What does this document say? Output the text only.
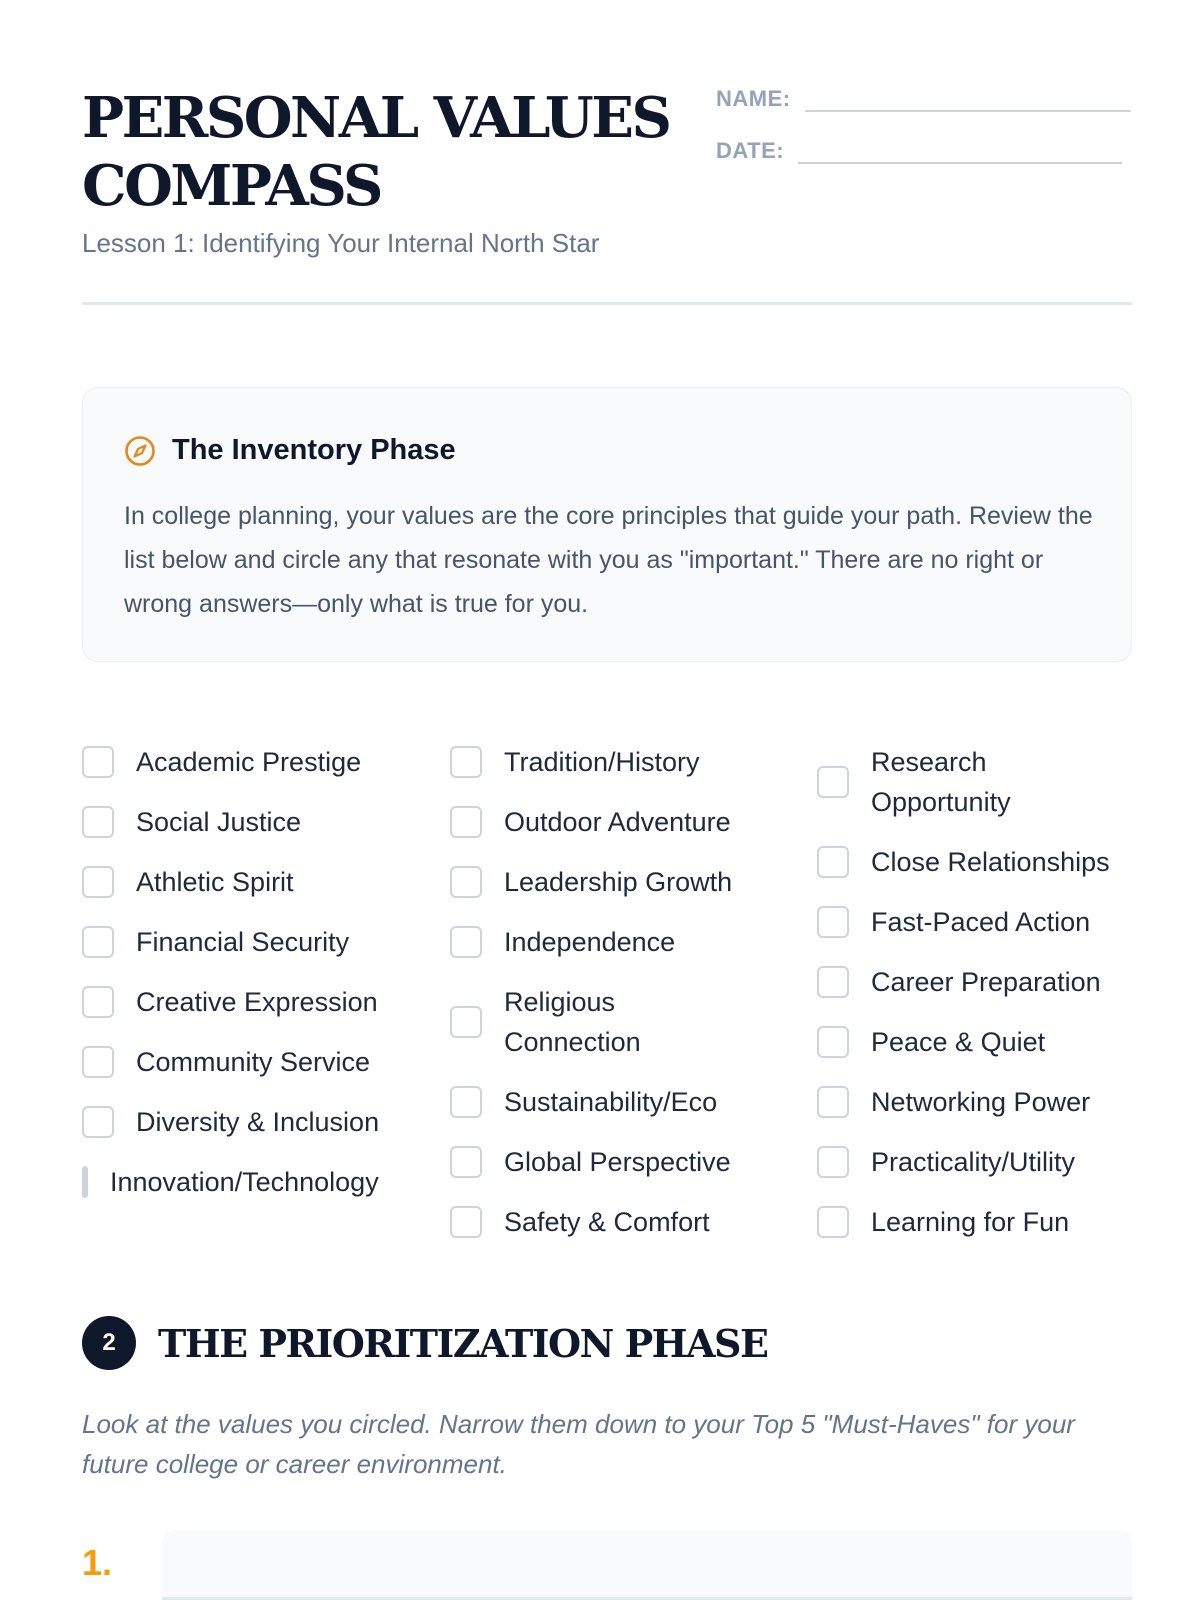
PERSONAL VALUES
COMPASS
Lesson 1: Identifying Your Internal North Star
NAME:
DATE:
The Inventory Phase

In college planning, your values are the core principles that guide your path. Review the list below and circle any that resonate with you as "important." There are no right or wrong answers—only what is true for you.

Academic Prestige
Social Justice
Athletic Spirit
Financial Security
Creative Expression
Community Service
Diversity & Inclusion
Innovation/Technology
Tradition/History
Outdoor Adventure
Leadership Growth
Independence
Religious Connection
Sustainability/Eco
Global Perspective
Safety & Comfort
Research Opportunity
Close Relationships
Fast-Paced Action
Career Preparation
Peace & Quiet
Networking Power
Practicality/Utility
Learning for Fun
2	THE PRIORITIZATION PHASE

Look at the values you circled. Narrow them down to your Top 5 "Must-Haves" for your future college or career environment.

1.
